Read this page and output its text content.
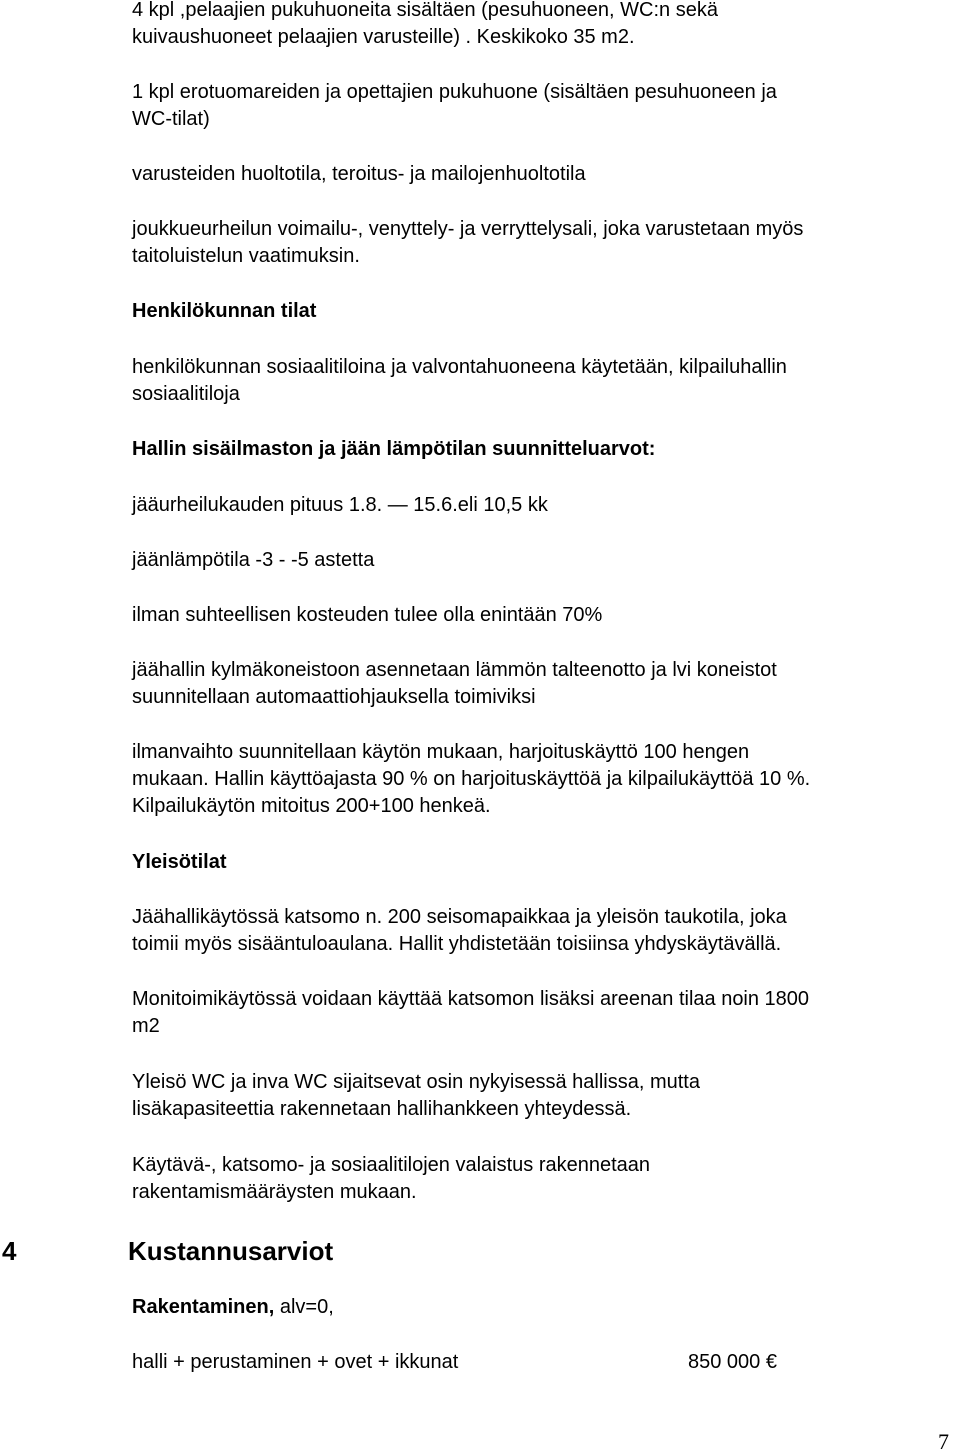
4 kpl ,pelaajien pukuhuoneita sisältäen (pesuhuoneen, WC:n sekä
kuivaushuoneet pelaajien varusteille) . Keskikoko 35 m2.

1 kpl erotuomareiden ja opettajien pukuhuone (sisältäen pesuhuoneen ja
WC-tilat)

varusteiden huoltotila, teroitus- ja mailojenhuoltotila

joukkueurheilun voimailu-, venyttely- ja verryttelysali, joka varustetaan myös
taitoluistelun vaatimuksin.

Henkilökunnan tilat

henkilökunnan sosiaalitiloina ja valvontahuoneena käytetään, kilpailuhallin
sosiaalitiloja

Hallin sisäilmaston ja jään lämpötilan suunnitteluarvot:

jääurheilukauden pituus 1.8. — 15.6.eli 10,5 kk

jäänlämpötila -3 - -5 astetta

ilman suhteellisen kosteuden tulee olla enintään 70%

jäähallin kylmäkoneistoon asennetaan lämmön talteenotto ja lvi koneistot
suunnitellaan automaattiohjauksella toimiviksi

ilmanvaihto suunnitellaan käytön mukaan, harjoituskäyttö 100 hengen
mukaan. Hallin käyttöajasta 90 % on harjoituskäyttöä ja kilpailukäyttöä 10 %.
Kilpailukäytön mitoitus 200+100 henkeä.

Yleisötilat

Jäähallikäytössä katsomo n. 200 seisomapaikkaa ja yleisön taukotila, joka
toimii myös sisääntuloaulana. Hallit yhdistetään toisiinsa yhdyskäytävällä.

Monitoimikäytössä voidaan käyttää katsomon lisäksi areenan tilaa noin 1800
m2

Yleisö WC ja inva WC sijaitsevat osin nykyisessä hallissa, mutta
lisäkapasiteettia rakennetaan hallihankkeen yhteydessä.

Käytävä-, katsomo- ja sosiaalitilojen valaistus rakennetaan
rakentamismääräysten mukaan.

4	Kustannusarviot

Rakentaminen, alv=0,

halli + perustaminen + ovet + ikkunat	850 000 €
7
